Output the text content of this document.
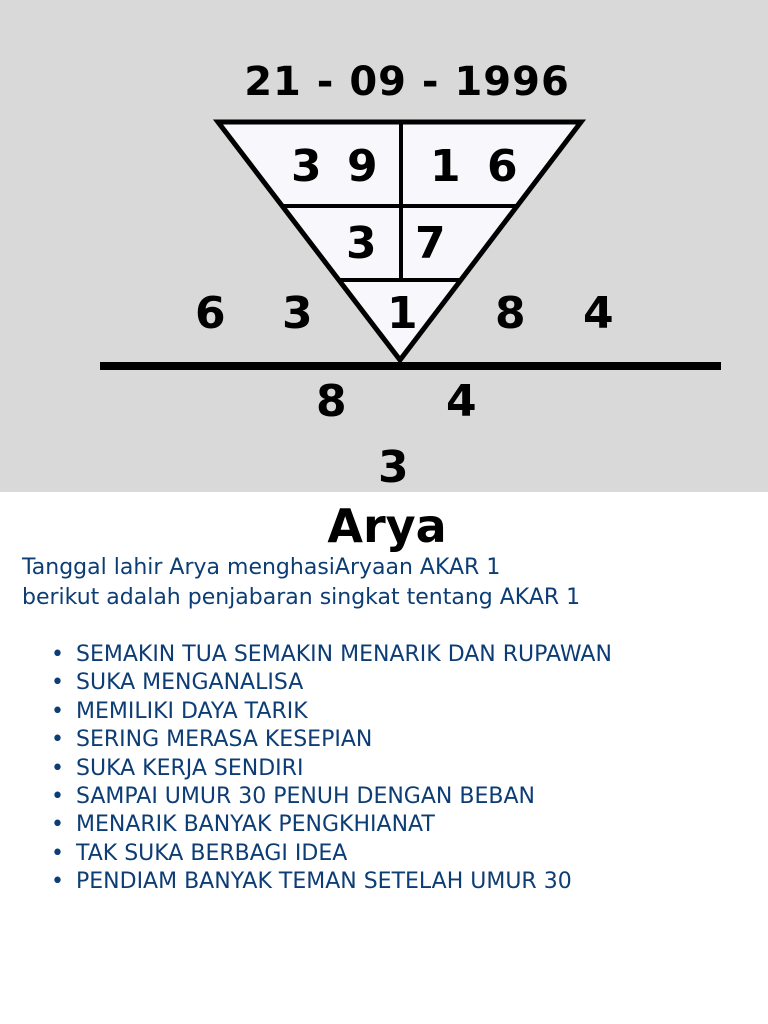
21 - 09 - 1996
3 9 1 6
3 7
1
6 3	8 4
8 4
3
Arya
Tanggal lahir Arya menghasiAryaan AKAR 1
berikut adalah penjabaran singkat tentang AKAR 1
• SEMAKIN TUA SEMAKIN MENARIK DAN RUPAWAN
• SUKA MENGANALISA
• MEMILIKI DAYA TARIK
• SERING MERASA KESEPIAN
• SUKA KERJA SENDIRI
• SAMPAI UMUR 30 PENUH DENGAN BEBAN
• MENARIK BANYAK PENGKHIANAT
• TAK SUKA BERBAGI IDEA
• PENDIAM BANYAK TEMAN SETELAH UMUR 30
